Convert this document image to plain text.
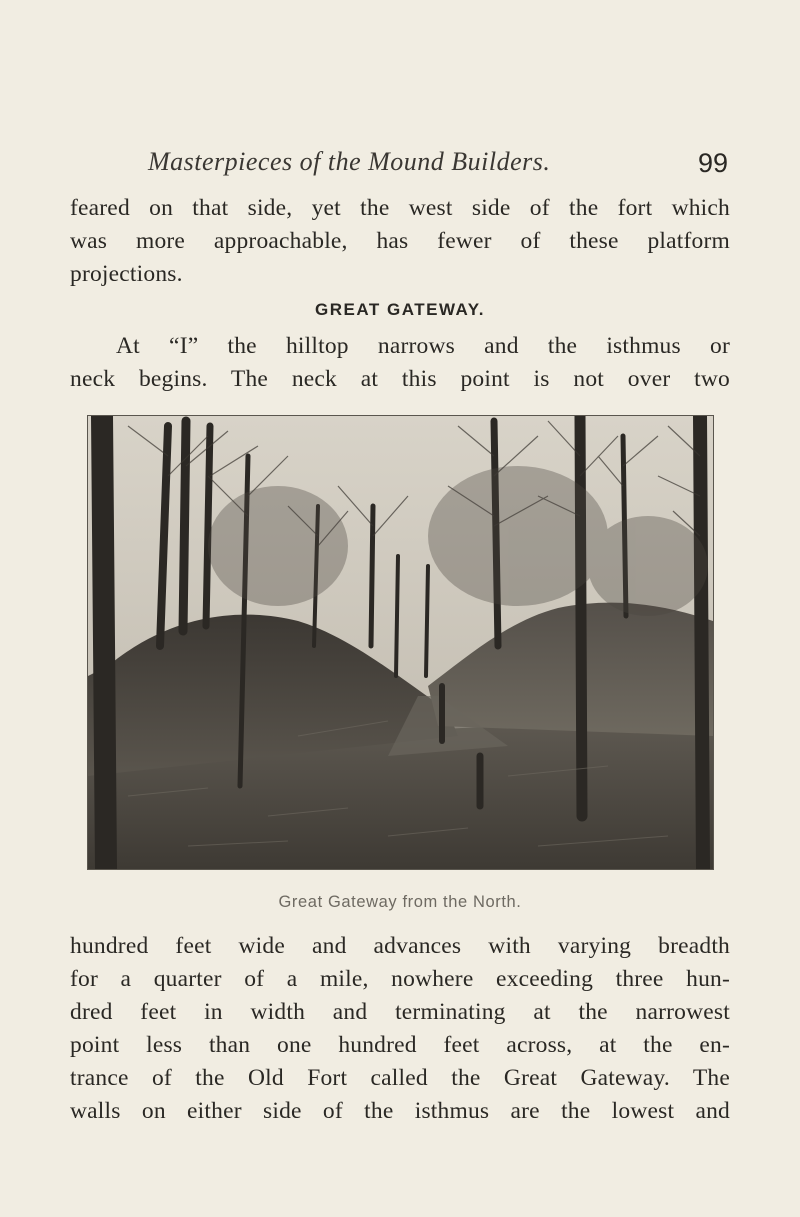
Masterpieces of the Mound Builders.	99
feared on that side, yet the west side of the fort which
was more approachable, has fewer of these platform
projections.
GREAT GATEWAY.
At “I” the hilltop narrows and the isthmus or
neck begins. The neck at this point is not over two
Great Gateway from the North.
hundred feet wide and advances with varying breadth
for a quarter of a mile, nowhere exceeding three hun-
dred feet in width and terminating at the narrowest
point less than one hundred feet across, at the en-
trance of the Old Fort called the Great Gateway. The
walls on either side of the isthmus are the lowest and
